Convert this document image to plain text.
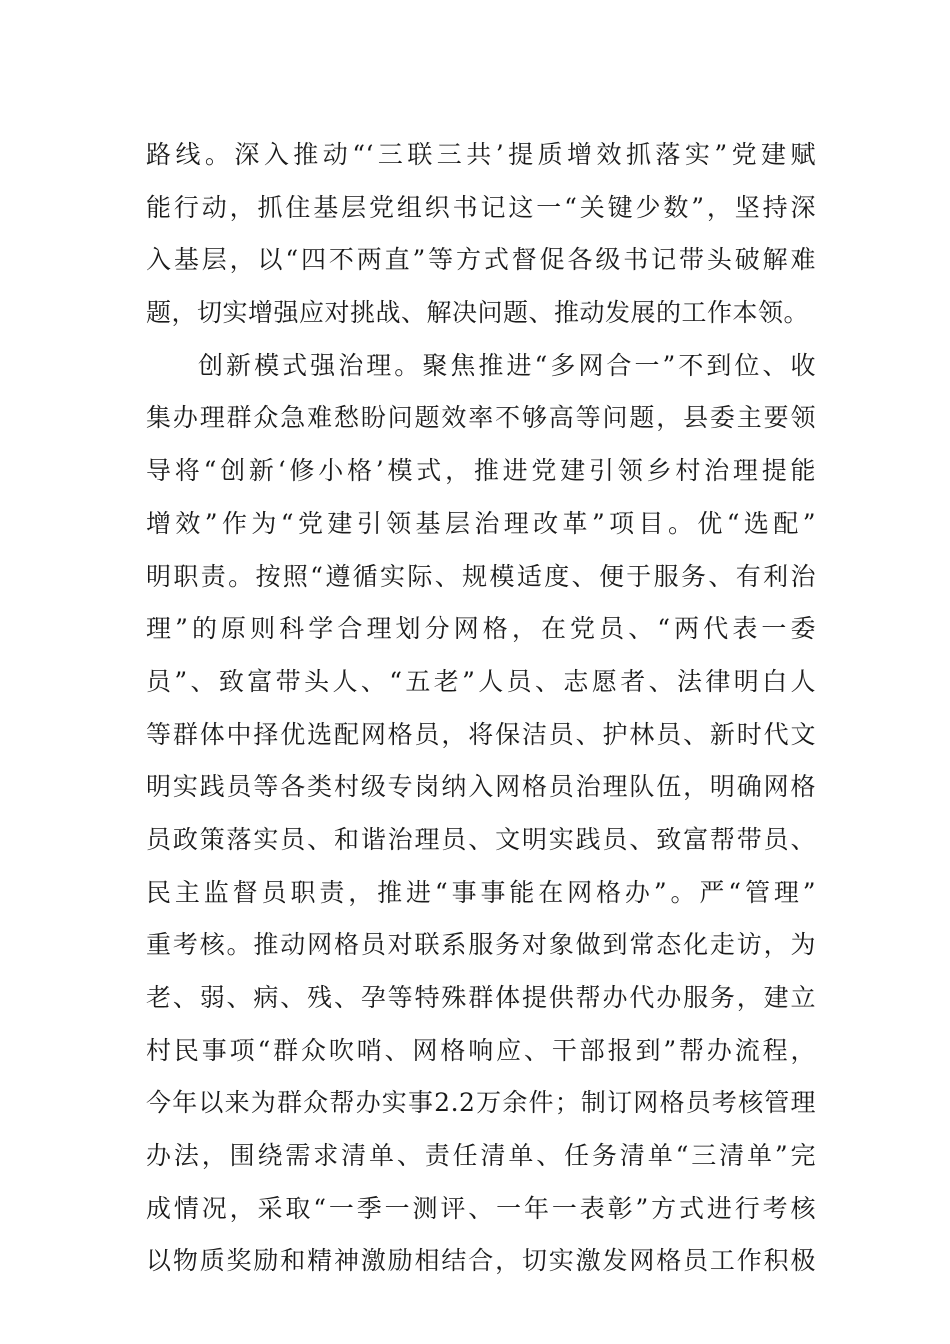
路线。深入推动“‘三联三共’提质增效抓落实”党建赋
能行动，抓住基层党组织书记这一“关键少数”，坚持深
入基层，以“四不两直”等方式督促各级书记带头破解难
题，切实增强应对挑战、解决问题、推动发展的工作本领。
创新模式强治理。聚焦推进“多网合一”不到位、收
集办理群众急难愁盼问题效率不够高等问题，县委主要领
导将“创新‘修小格’模式，推进党建引领乡村治理提能
增效”作为“党建引领基层治理改革”项目。优“选配”
明职责。按照“遵循实际、规模适度、便于服务、有利治
理”的原则科学合理划分网格，在党员、“两代表一委
员”、致富带头人、“五老”人员、志愿者、法律明白人
等群体中择优选配网格员，将保洁员、护林员、新时代文
明实践员等各类村级专岗纳入网格员治理队伍，明确网格
员政策落实员、和谐治理员、文明实践员、致富帮带员、
民主监督员职责，推进“事事能在网格办”。严“管理”
重考核。推动网格员对联系服务对象做到常态化走访，为
老、弱、病、残、孕等特殊群体提供帮办代办服务，建立
村民事项“群众吹哨、网格响应、干部报到”帮办流程，
今年以来为群众帮办实事2.2万余件；制订网格员考核管理
办法，围绕需求清单、责任清单、任务清单“三清单”完
成情况，采取“一季一测评、一年一表彰”方式进行考核
以物质奖励和精神激励相结合，切实激发网格员工作积极
